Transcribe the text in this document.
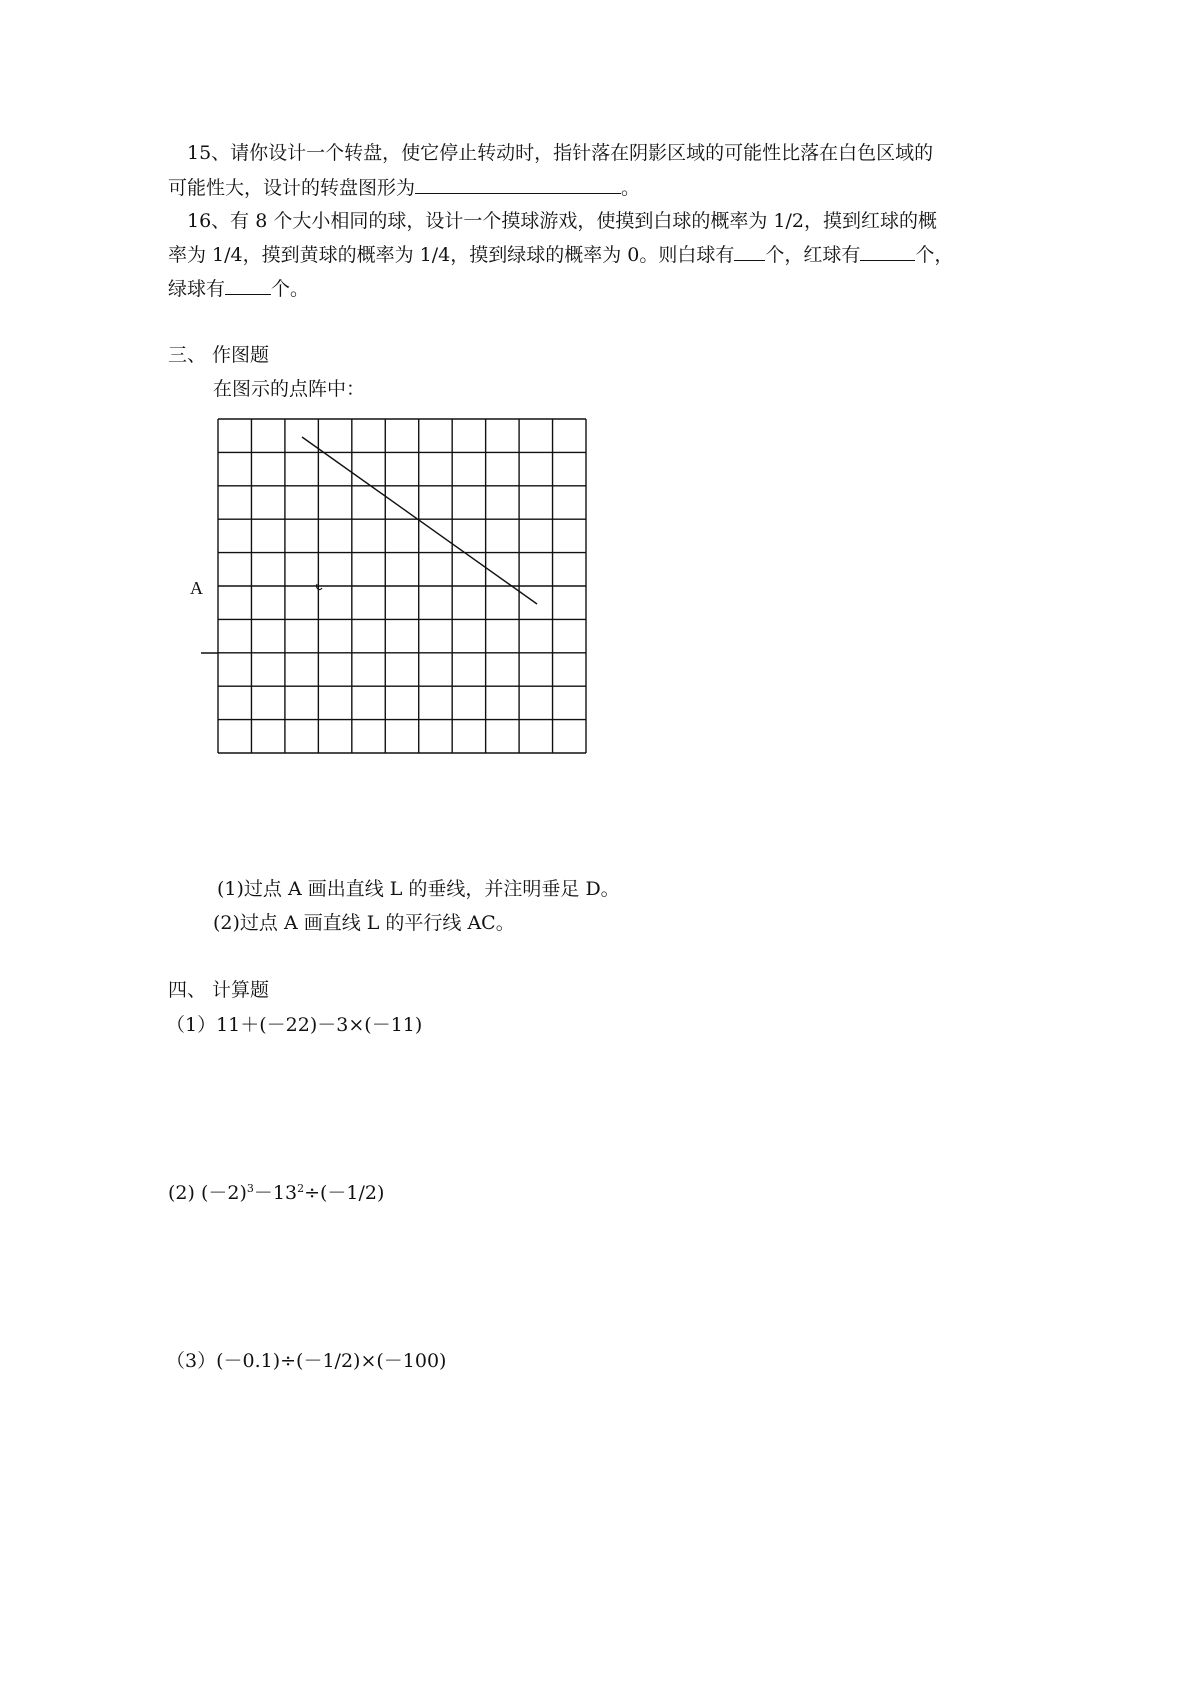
15、请你设计一个转盘，使它停止转动时，指针落在阴影区域的可能性比落在白色区域的
可能性大，设计的转盘图形为	。
16、有 8 个大小相同的球，设计一个摸球游戏，使摸到白球的概率为 1/2，摸到红球的概
率为 1/4，摸到黄球的概率为 1/4，摸到绿球的概率为 0。则白球有 个，红球有	个，
绿球有 个。
三、 作图题
在图示的点阵中：
A
(1)过点 A 画出直线 L 的垂线，并注明垂足 D。
(2)过点 A 画直线 L 的平行线 AC。
四、 计算题
（1）11＋(－22)－3×(－11)
(2) $(-2)^3-13^2\div(-1/2)$
（3）(－0.1)÷(－1/2)×(－100)
